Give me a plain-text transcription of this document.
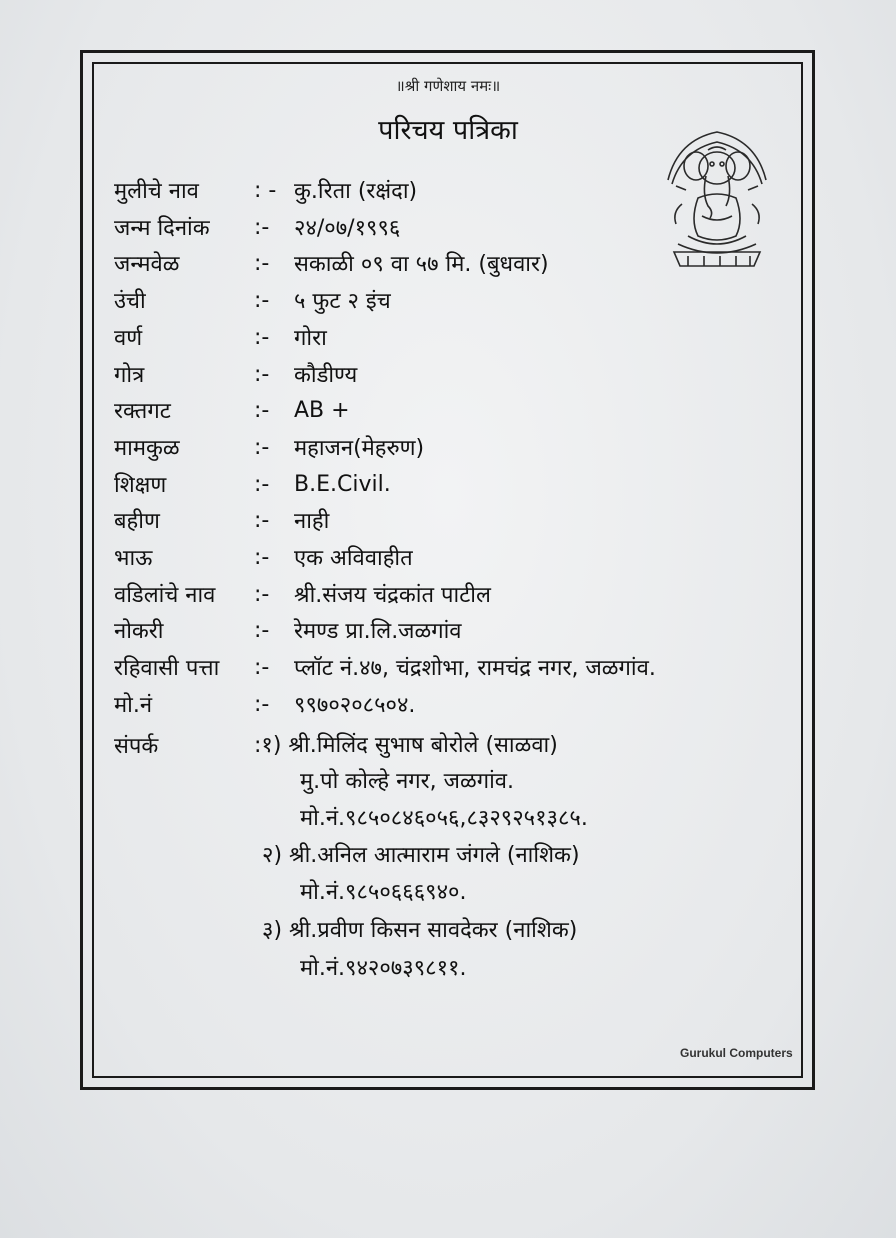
॥श्री गणेशाय नमः॥
परिचय पत्रिका
मुलीचे नाव	: - कु.रिता (रक्षंदा)
जन्म दिनांक	:-	२४/०७/१९९६
जन्मवेळ	:-	सकाळी ०९ वा ५७ मि. (बुधवार)
उंची	:-	५ फुट २ इंच
वर्ण	:-	गोरा
गोत्र	:-	कौडीण्य
रक्तगट	:-	AB +
मामकुळ	:-	महाजन(मेहरुण)
शिक्षण	:-	B.E.Civil.
बहीण	:-	नाही
भाऊ	:-	एक अविवाहीत
वडिलांचे नाव	:-	श्री.संजय चंद्रकांत पाटील
नोकरी	:-	रेमण्ड प्रा.लि.जळगांव
रहिवासी पत्ता	:-	प्लॉट नं.४७, चंद्रशोभा, रामचंद्र नगर, जळगांव.
मो.नं	:-	९९७०२०८५०४.
संपर्क	:१) श्री.मिलिंद सुभाष बोरोले (साळवा)
मु.पो कोल्हे नगर, जळगांव.
मो.नं.९८५०८४६०५६,८३२९२५१३८५.
२) श्री.अनिल आत्माराम जंगले (नाशिक)
मो.नं.९८५०६६६९४०.
३) श्री.प्रवीण किसन सावदेकर (नाशिक)
मो.नं.९४२०७३९८११.
Gurukul Computers
